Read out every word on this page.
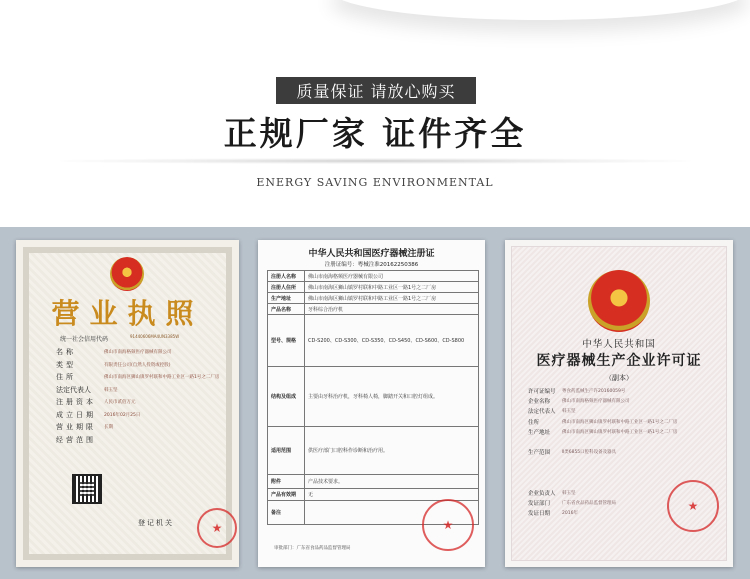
质量保证 请放心购买
正规厂家 证件齐全
ENERGY SAVING ENVIRONMENTAL
营业执照
统一社会信用代码	91440606MA4UN3385W
名称	佛山市南海格频医疗器械有限公司
类型	有限责任公司(自然人投资或控股)
住所	佛山市南海区狮山镇罗村联和中路工业区一路1号之二厂房
法定代表人	韩玉坚
注册资本	人民币贰佰万元
成立日期	2016年02月25日
营业期限	长期
经营范围
登记机关	★
中华人民共和国医疗器械注册证
注册证编号：粤械注准20162250386
注册人名称	佛山市南海格频医疗器械有限公司
注册人住所	佛山市南海区狮山镇罗村联和中路工业区一路1号之二厂房
生产地址	佛山市南海区狮山镇罗村联和中路工业区一路1号之二厂房
产品名称	牙科综合治疗机
型号、规格	CD-S200、CD-S300、CD-S350、CD-S450、CD-S600、CD-S800
结构及组成	主要由牙科治疗机，牙科椅人椅，脚踏开关和口腔灯组成。
适用范围	供医疗部门口腔科作诊断和治疗用。
附件	产品技术要求。
产品有效期	无
备注	
审批部门：广东省食品药品监督管理局
★
★
中华人民共和国
医疗器械生产企业许可证
（副本）
许可证编号	粤食药监械生产许20160059号
企业名称	佛山市南海格频医疗器械有限公司
法定代表人	韩玉坚
住所	佛山市南海区狮山镇罗村联和中路工业区一路1号之二厂房
生产地址	佛山市南海区狮山镇罗村联和中路工业区一路1号之二厂房
生产范围	Ⅱ类6855口腔科设备及器具
企业负责人	韩玉坚
发证部门	广东省食品药品监督管理局
发证日期	2016年
